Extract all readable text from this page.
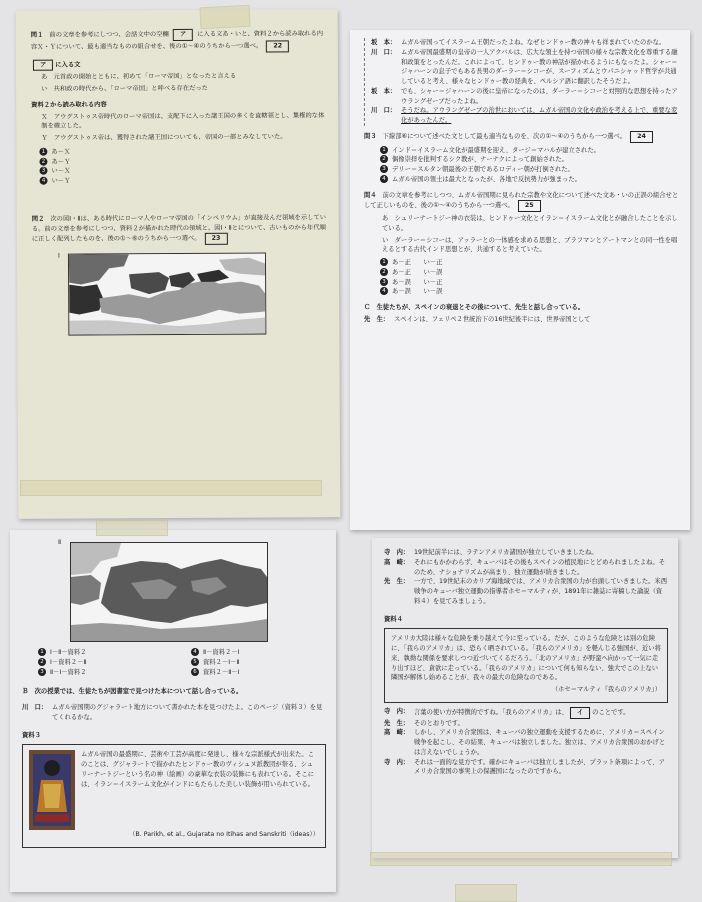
問１ 前の文章を参考にしつつ、会話文中の空欄 ア に入る文あ・いと、資料２から読み取れる内容Ｘ・Ｙについて、最も適当なものの組合せを、後の①～④のうちから一つ選べ。 22

ア に入る文

あ　元首政の開始とともに、初めて「ローマ帝国」となったと言える

い　共和政の時代から、「ローマ帝国」と呼べる存在だった

資料２から読み取れる内容

Ｘ　アウグストゥス帝時代のローマ帝国は、支配下に入った諸王国の多くを直轄領とし、集権的な体制を確立した。

Ｙ　アウグストゥス帝は、獲得された諸王国についても、帝国の一部とみなしていた。

1 あ－Ｘ
2 あ－Ｙ
3 い－Ｘ
4 い－Ｙ

問２ 次の図Ⅰ・Ⅱは、ある時代にローマ人やローマ帝国の「インペリウム」が直接及んだ領域を示している。前の文章を参考にしつつ、資料２が描かれた時代の領域と、図Ⅰ・Ⅱとについて、古いものから年代順に正しく配列したものを、後の①～⑥のうちから一つ選べ。 23

Ⅰ
坂　本： ムガル帝国ってイスラーム王朝だったよね。なぜヒンドゥー教の神々も祥まれていたのかな。
川　口： ムガル帝国最盛期の皇帝の一人アクバルは、広大な領土を持つ帝国の様々な宗教文化を尊重する融和政策をとったんだ。これによって、ヒンドゥー教の神話が描かれるようにもなったよ。シャー＝ジャハーンの息子でもある長男のダーラー＝シコーが、スーフィズムとウパニシャッド哲学が共通していると考え、様々なヒンドゥー教の経典を、ペルシア語に翻訳したそうだよ。
坂　本： でも、シャー＝ジャハーンの後に皇帝になったのは、ダーラー＝シコーと対照的な思想を持ったアウラングゼーブだったよね。
川　口： そうだね。アウラングゼーブの治世においては、ムガル帝国の文化や政治を考える上で、重要な変化があったんだ。

問３ 下線部⑥について述べた文として最も適当なものを、次の①～④のうちから一つ選べ。 24

1 インド＝イスラーム文化が最盛期を迎え、タージ＝マハルが建立された。
2 偶像崇拝を批判するシク教が、ナーナクによって創始された。
3 デリー＝スルタン朝最後の王朝であるロディー朝が打倒された。
4 ムガル帝国の領土は最大となったが、各地で反抗勢力が強まった。

問４ 前の文章を参考にしつつ、ムガル帝国期に見られた宗教や文化について述べた文あ・いの正誤の組合せとして正しいものを、後の①～④のうちから一つ選べ。 25

あ　シュリーナートジー神の衣装は、ヒンドゥー文化とイラン＝イスラーム文化とが融合したことを示している。

い　ダーラー＝シコーは、アッラーとの一体感を求める思想と、ブラフマンとアートマンとの同一性を唱えるとする古代インド思想とが、共通すると考えていた。

1 あ－正　　い－正
2 あ－正　　い－誤
3 あ－誤　　い－正
4 あ－誤　　い－誤

Ｃ　生徒たちが、スペインの衰退とその後について、先生と話し合っている。

先　生： スペインは、フェリペ２世統治下の16世紀後半には、世界帝国として
Ⅱ
1 Ⅰ－Ⅱ－資料２	4 Ⅱ－資料２－Ⅰ
2 Ⅰ－資料２－Ⅱ	5 資料２－Ⅰ－Ⅱ
3 Ⅱ－Ⅰ－資料２	6 資料２－Ⅱ－Ⅰ

Ｂ　次の授業では、生徒たちが図書室で見つけた本について話し合っている。

川　口： ムガル帝国期のグジャラート地方について書かれた本を見つけたよ。このページ（資料３）を見てくれるかな。

資料３

ムガル帝国の最盛期に、芸術や工芸が高度に発達し、様々な宗派様式が出来た。このことは、グジャラートで描かれたヒンドゥー教のヴィシュヌ派教団が祭る、シュリーナートジーという名の神（絵画）の豪華な衣装の装飾にも表れている。そこには、イラン＝イスラーム文化がインドにもたらした美しい装飾が用いられている。

（B. Parikh, et al., Gujarata no Itihas and Sanskriti（ideas））

寺　内： 19世紀前半には、ラテンアメリカ諸国が独立していきましたね。
高　崎： それにもかかわらず、キューバはその後もスペインの植民地にとどめられましたよね。そのため、ナショナリズムが高まり、独立運動が続きました。
先　生： 一方で、19世紀末のカリブ海地域では、アメリカ合衆国の力が台頭していきました。米西戦争のキューバ独立運動の指導者ホセ＝マルティが、1891年に雑誌に寄稿した論説（資料４）を見てみましょう。

資料４

アメリカ大陸は様々な危険を乗り越えて今に至っている。だが、このような危険とは別の危険に、「我らのアメリカ」は、恐らく晒されている。「我らのアメリカ」を軽んじる強国が、近い将来、執拗な関係を要求しつつ近づいてくるだろう。「北のアメリカ」が野蛮へ向かって一気に走り出すほど、貪欲に走っている。「我らのアメリカ」について何も知らない、強大でこの上ない隣国が解体し始めることが、我々の最大の危険なのである。

（ホセ＝マルティ『我らのアメリカ』）

寺　内： 言葉の使い方が特徴的ですね。「我らのアメリカ」は、 イ のことです。
先　生： そのとおりです。
高　崎： しかし、アメリカ合衆国は、キューバの独立運動を支援するために、アメリカ＝スペイン戦争を起こし、その結果、キューバは独立しました。独立は、アメリカ合衆国のおかげとは言えないでしょうか。
寺　内： それは一面的な見方です。確かにキューバは独立しましたが、プラット条項によって、アメリカ合衆国の事実上の保護国になったのですから。
